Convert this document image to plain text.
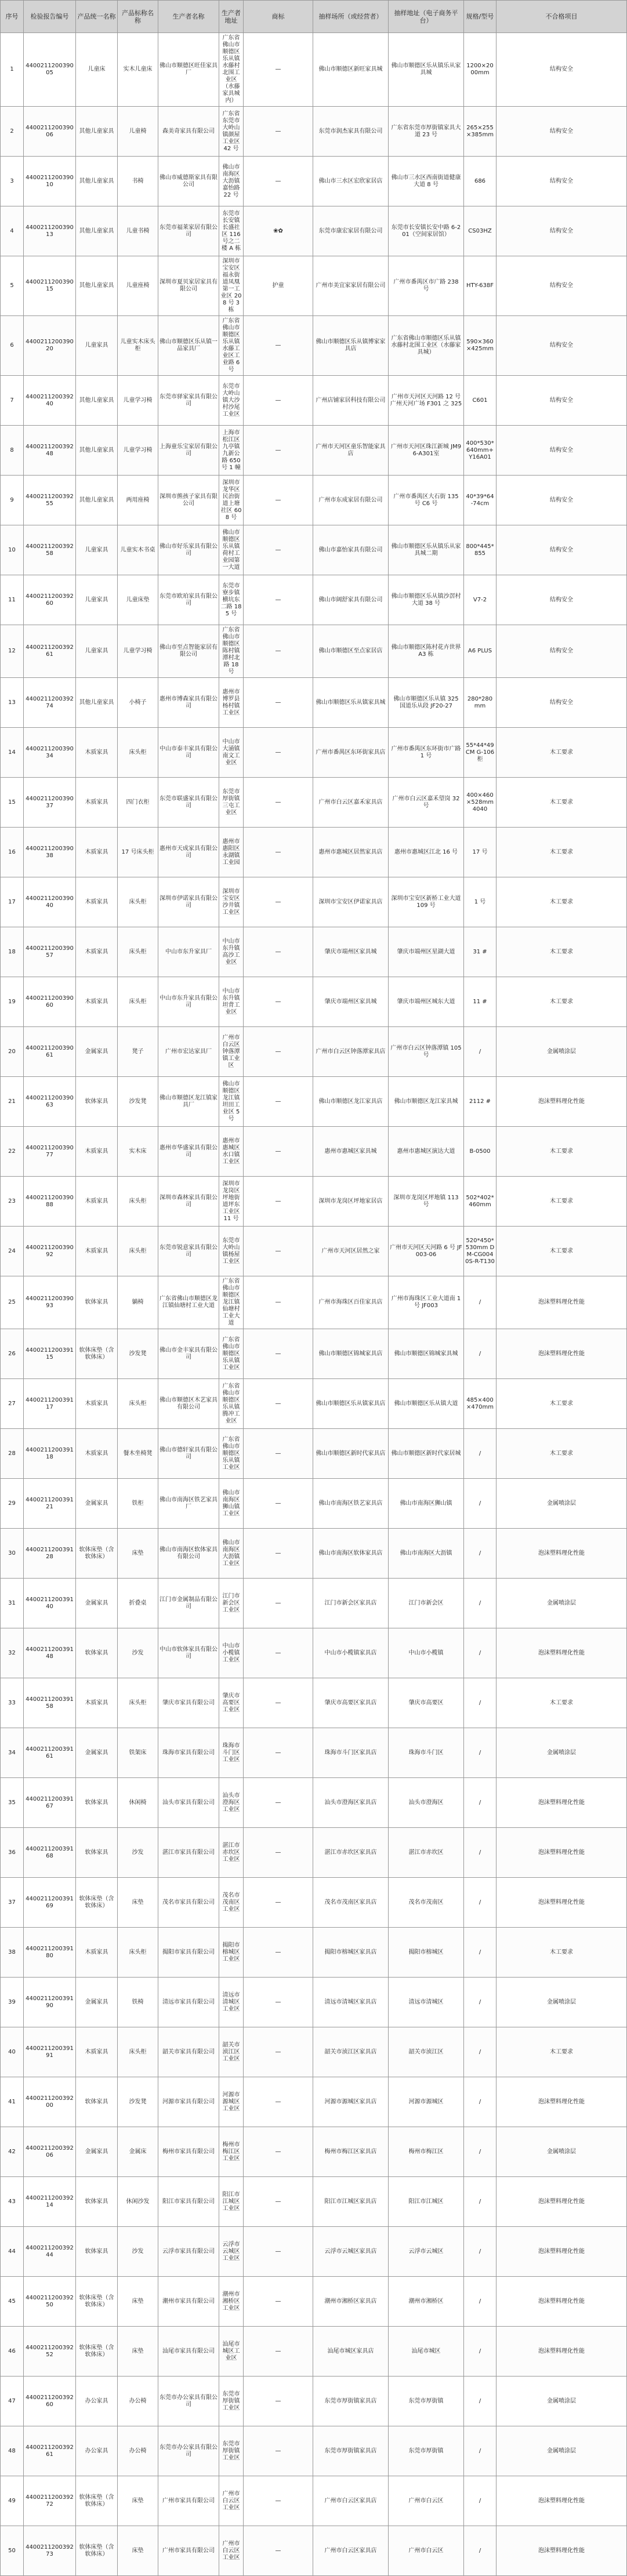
序号	检验报告编号	产品统一名称	产品标称名称	生产者名称	生产者地址	商标	抽样场所（或经营者）	抽样地址（电子商务平台）	规格/型号	不合格项目
1	440021120039005	儿童床	实木儿童床	佛山市顺德区旺佳家具厂	广东省佛山市顺德区乐从镇水藤村北围工业区（水藤家具城内）	—	佛山市顺德区新旺家具城	佛山市顺德区乐从镇乐从家具城	1200×2000mm	结构安全
2	440021120039006	其他儿童家具	儿童椅	森美奇家具有限公司	广东省东莞市大岭山镇颜屋工业区 42 号	—	东莞市润杰家具有限公司	广东省东莞市厚街镇家具大道 23 号	265×255×385mm	结构安全
3	440021120039010	其他儿童家具	书椅	佛山市威德斯家具有限公司	佛山市南海区大沥镇嘉怡路 22 号	—	佛山市三水区宏欣家居店	佛山市三水区西南街道健康大道 8 号	686	结构安全
4	440021120039013	其他儿童家具	儿童书椅	东莞市福莱家居有限公司	东莞市长安镇长盛社区 116 号之二楼 A 栋	❀✿	东莞市康宏家居有限公司	东莞市长安镇长安中路 6-201（空间家居馆）	CS03HZ	结构安全
5	440021120039015	其他儿童家具	儿童座椅	深圳市夏贝家居家具有限公司	深圳市宝安区福永街道凤凰第一工业区 208 号 3 栋	护童	广州市美宜家家居有限公司	广州市番禺区市广路 238 号	HTY-638F	结构安全
6	440021120039020	儿童家具	儿童实木床头柜	佛山市顺德区乐从镇一品家具厂	广东省佛山市顺德区乐从镇水藤工业区工业路 6 号	—	佛山市顺德区乐从镇博家家具店	广东省佛山市顺德区乐从镇水藤村北围工业区（水藤家具城）	590×360×425mm	结构安全
7	440021120039240	其他儿童家具	儿童学习椅	东莞市驿家家具有限公司	东莞市大岭山镇大沙村沙尾工业区	—	广州店铺家居科技有限公司	广州市天河区天河路 12 号广州天河广场 F301 之 325	C601	结构安全
8	440021120039248	其他儿童家具	儿童学习椅	上海童乐宝家居有限公司	上海市松江区九亭镇九新公路 650 号 1 幢	—	广州市天河区童乐智能家具店	广州市天河区珠江新城 JM96-A301室	400*530*640mm+Y16A01	结构安全
9	440021120039255	其他儿童家具	两用座椅	深圳市熊孩子家具有限公司	深圳市龙华区民治街道上塘社区 608 号	—	广州市东成家居有限公司	广州市番禺区大石街 135 号 C6 号	40*39*64-74cm	结构安全
10	440021120039258	儿童家具	儿童实木书桌	佛山市好乐家具有限公司	佛山市顺德区乐从镇荷村工业园第一大道	—	佛山市嘉怡家具有限公司	佛山市顺德区乐从镇乐从家具城二期	800*445*855	结构安全
11	440021120039260	儿童家具	儿童床垫	东莞市欧珀家具有限公司	东莞市寮步镇横坑东二路 185 号	—	佛山市阔舒家具有限公司	佛山市顺德区乐从镇沙滘村大道 38 号	V7-2	结构安全
12	440021120039261	儿童家具	儿童学习椅	佛山市至点智能家居有限公司	广东省佛山市顺德区陈村镇潭村北路 18 号	—	佛山市顺德区至点家居店	佛山市顺德区陈村花卉世界 A3 栋	A6 PLUS	结构安全
13	440021120039274	其他儿童家具	小椅子	惠州市博森家具有限公司	惠州市博罗县杨村镇工业区	—	佛山市顺德区乐从镇家具城	佛山市顺德区乐从镇 325 国道乐从段 JF20-27	280*280mm	结构安全
14	440021120039034	木质家具	床头柜	中山市泰丰家具有限公司	中山市大涌镇南文工业区	—	广州市番禺区东环街家具店	广州市番禺区东环街市广路 1 号	55*44*49CM G-106 柜	木工要求
15	440021120039037	木质家具	四门衣柜	东莞市联盛家具有限公司	东莞市厚街镇三屯工业区	—	广州市白云区嘉禾家具店	广州市白云区嘉禾望岗 32 号	400×460×528mm 4040	木工要求
16	440021120039038	木质家具	17 号床头柜	惠州市天成家具有限公司	惠州市惠阳区永湖镇工业园	—	惠州市惠城区居然家具店	惠州市惠城区江北 16 号	17 号	木工要求
17	440021120039040	木质家具	床头柜	深圳市伊诺家具有限公司	深圳市宝安区沙井镇工业区	—	深圳市宝安区伊诺家具店	深圳市宝安区新桥工业大道 109 号	1 号	木工要求
18	440021120039057	木质家具	床头柜	中山市东升家具厂	中山市东升镇高沙工业区	—	肇庆市端州区家具城	肇庆市端州区星湖大道	31 #	木工要求
19	440021120039060	木质家具	床头柜	中山市东升家具有限公司	中山市东升镇坦背工业区	—	肇庆市端州区家具城	肇庆市端州区城东大道	11 #	木工要求
20	440021120039061	金属家具	凳子	广州市宏达家具厂	广州市白云区钟落潭镇工业区	—	广州市白云区钟落潭家具店	广州市白云区钟落潭镇 105 号	/	金属喷涂层
21	440021120039063	软体家具	沙发凳	佛山市顺德区龙江镇家具厂	佛山市顺德区龙江镇坦田工业区 5 号	—	佛山市顺德区龙江家具店	佛山市顺德区龙江家具城	2112 #	泡沫塑料理化性能
22	440021120039077	木质家具	实木床	惠州市华盛家具有限公司	惠州市惠城区水口镇工业区	—	惠州市惠城区家具城	惠州市惠城区演达大道	B-0500	木工要求
23	440021120039088	木质家具	床头柜	深圳市森林家具有限公司	深圳市龙岗区坪地街道坪东工业区 11 号	—	深圳市龙岗区坪地家居店	深圳市龙岗区坪地镇 113 号	502*402*460mm	木工要求
24	440021120039092	木质家具	床头柜	东莞市锐意家具有限公司	东莞市大岭山镇杨屋工业区	—	广州市天河区居然之家	广州市天河区天河路 6 号 JF003-06	520*450*530mm DM-CG0040S-R-T130	木工要求
25	440021120039093	软体家具	躺椅	广东省佛山市顺德区龙江镇仙塘村工业大道	广东省佛山市顺德区龙江镇仙塘村工业大道	—	广州市海珠区百佳家具店	广州市海珠区工业大道南 1 号 JF003	/	泡沫塑料理化性能
26	440021120039115	软体床垫（含软体床）	沙发凳	佛山市金丰家具有限公司	广东省佛山市顺德区乐从镇工业区	—	佛山市顺德区锦城家具店	佛山市顺德区锦城家具城	/	泡沫塑料理化性能
27	440021120039117	木质家具	床头柜	佛山市顺德区木艺家具有限公司	广东省佛山市顺德区乐从镇腾冲工业区	—	佛山市顺德区乐从镇家具店	佛山市顺德区乐从镇大道	485×400×470mm	木工要求
28	440021120039118	木质家具	餐木坐椅凳	佛山市德轩家具有限公司	广东省佛山市顺德区乐从镇工业区	—	佛山市顺德区新时代家具店	佛山市顺德区新时代家居城	/	木工要求
29	440021120039121	金属家具	铁柜	佛山市南海区铁艺家具厂	佛山市南海区狮山镇工业区	—	佛山市南海区铁艺家具店	佛山市南海区狮山镇	/	金属喷涂层
30	440021120039128	软体床垫（含软体床）	床垫	佛山市南海区软体家具有限公司	佛山市南海区大沥镇工业区	—	佛山市南海区软体家具店	佛山市南海区大沥镇	/	泡沫塑料理化性能
31	440021120039140	金属家具	折叠桌	江门市金属制品有限公司	江门市新会区工业区	—	江门市新会区家具店	江门市新会区	/	金属喷涂层
32	440021120039148	软体家具	沙发	中山市软体家具有限公司	中山市小榄镇工业区	—	中山市小榄镇家具店	中山市小榄镇	/	泡沫塑料理化性能
33	440021120039158	木质家具	床头柜	肇庆市家具有限公司	肇庆市高要区工业区	—	肇庆市高要区家具店	肇庆市高要区	/	木工要求
34	440021120039161	金属家具	铁架床	珠海市家具有限公司	珠海市斗门区工业区	—	珠海市斗门区家具店	珠海市斗门区	/	金属喷涂层
35	440021120039167	软体家具	休闲椅	汕头市家具有限公司	汕头市澄海区工业区	—	汕头市澄海区家具店	汕头市澄海区	/	泡沫塑料理化性能
36	440021120039168	软体家具	沙发	湛江市家具有限公司	湛江市赤坎区工业区	—	湛江市赤坎区家具店	湛江市赤坎区	/	泡沫塑料理化性能
37	440021120039169	软体床垫（含软体床）	床垫	茂名市家具有限公司	茂名市茂南区工业区	—	茂名市茂南区家具店	茂名市茂南区	/	泡沫塑料理化性能
38	440021120039180	木质家具	床头柜	揭阳市家具有限公司	揭阳市榕城区工业区	—	揭阳市榕城区家具店	揭阳市榕城区	/	木工要求
39	440021120039190	金属家具	铁椅	清远市家具有限公司	清远市清城区工业区	—	清远市清城区家具店	清远市清城区	/	金属喷涂层
40	440021120039191	木质家具	床头柜	韶关市家具有限公司	韶关市浈江区工业区	—	韶关市浈江区家具店	韶关市浈江区	/	木工要求
41	440021120039200	软体家具	沙发凳	河源市家具有限公司	河源市源城区工业区	—	河源市源城区家具店	河源市源城区	/	泡沫塑料理化性能
42	440021120039206	金属家具	金属床	梅州市家具有限公司	梅州市梅江区工业区	—	梅州市梅江区家具店	梅州市梅江区	/	金属喷涂层
43	440021120039214	软体家具	休闲沙发	阳江市家具有限公司	阳江市江城区工业区	—	阳江市江城区家具店	阳江市江城区	/	泡沫塑料理化性能
44	440021120039244	软体家具	沙发	云浮市家具有限公司	云浮市云城区工业区	—	云浮市云城区家具店	云浮市云城区	/	泡沫塑料理化性能
45	440021120039250	软体床垫（含软体床）	床垫	潮州市家具有限公司	潮州市湘桥区工业区	—	潮州市湘桥区家具店	潮州市湘桥区	/	泡沫塑料理化性能
46	440021120039252	软体床垫（含软体床）	床垫	汕尾市家具有限公司	汕尾市城区工业区	—	汕尾市城区家具店	汕尾市城区	/	泡沫塑料理化性能
47	440021120039260	办公家具	办公椅	东莞市办公家具有限公司	东莞市厚街镇工业区	—	东莞市厚街镇家具店	东莞市厚街镇	/	金属喷涂层
48	440021120039261	办公家具	办公椅	东莞市办公家具有限公司	东莞市厚街镇工业区	—	东莞市厚街镇家具店	东莞市厚街镇	/	金属喷涂层
49	440021120039272	软体床垫（含软体床）	床垫	广州市家具有限公司	广州市白云区工业区	—	广州市白云区家具店	广州市白云区	/	泡沫塑料理化性能
50	440021120039273	软体床垫（含软体床）	床垫	广州市家具有限公司	广州市白云区工业区	—	广州市白云区家具店	广州市白云区	/	泡沫塑料理化性能
